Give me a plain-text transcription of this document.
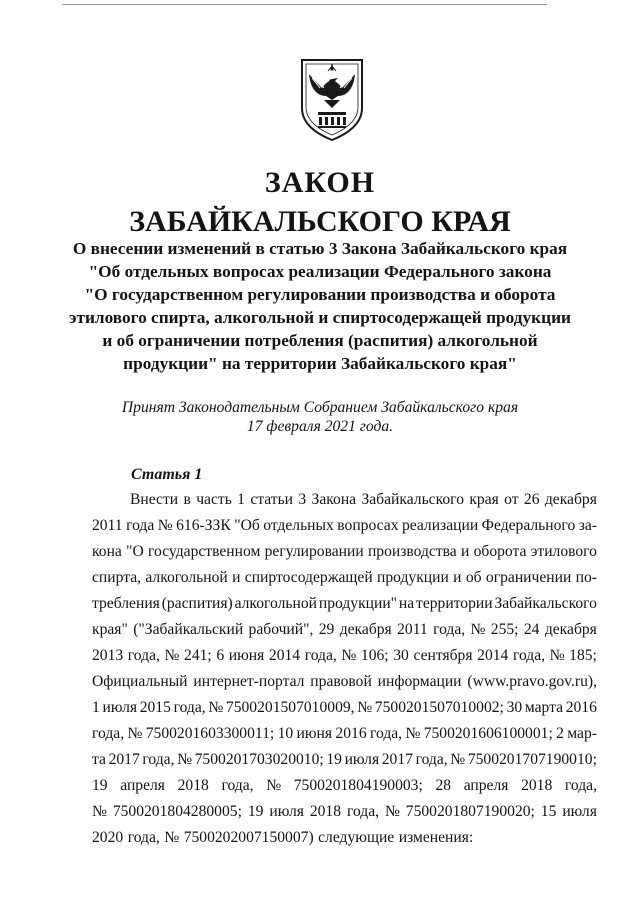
ЗАКОН
ЗАБАЙКАЛЬСКОГО КРАЯ
О внесении изменений в статью 3 Закона Забайкальского края
"Об отдельных вопросах реализации Федерального закона
"О государственном регулировании производства и оборота
этилового спирта, алкогольной и спиртосодержащей продукции
и об ограничении потребления (распития) алкогольной
продукции" на территории Забайкальского края"
Принят Законодательным Собранием Забайкальского края
17 февраля 2021 года.
Статья 1
Внести в часть 1 статьи 3 Закона Забайкальского края от 26 декабря
2011 года № 616-ЗЗК "Об отдельных вопросах реализации Федерального за-
кона "О государственном регулировании производства и оборота этилового
спирта, алкогольной и спиртосодержащей продукции и об ограничении по-
требления (распития) алкогольной продукции" на территории Забайкальского
края" ("Забайкальский рабочий", 29 декабря 2011 года, № 255; 24 декабря
2013 года, № 241; 6 июня 2014 года, № 106; 30 сентября 2014 года, № 185;
Официальный интернет-портал правовой информации (www.pravo.gov.ru),
1 июля 2015 года, № 7500201507010009, № 7500201507010002; 30 марта 2016
года, № 7500201603300011; 10 июня 2016 года, № 7500201606100001; 2 мар-
та 2017 года, № 7500201703020010; 19 июля 2017 года, № 7500201707190010;
19 апреля 2018 года, № 7500201804190003; 28 апреля 2018 года,
№ 7500201804280005; 19 июля 2018 года, № 7500201807190020; 15 июля
2020 года, № 7500202007150007) следующие изменения:
